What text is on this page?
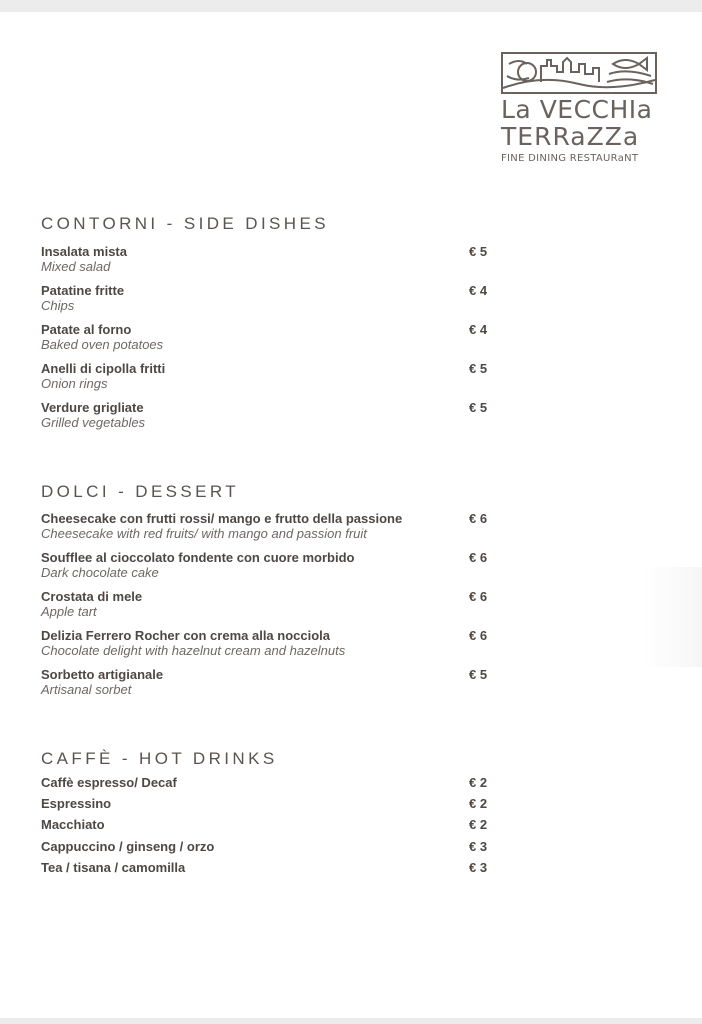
La VECCHIa
TERRaZZa
FINE DINING RESTAURaNT
CONTORNI - SIDE DISHES
Insalata mista
Mixed salad
€ 5
Patatine fritte
Chips
€ 4
Patate al forno
Baked oven potatoes
€ 4
Anelli di cipolla fritti
Onion rings
€ 5
Verdure grigliate
Grilled vegetables
€ 5
DOLCI - DESSERT
Cheesecake con frutti rossi/ mango e frutto della passione
Cheesecake with red fruits/ with mango and passion fruit
€ 6
Soufflee al cioccolato fondente con cuore morbido
Dark chocolate cake
€ 6
Crostata di mele
Apple tart
€ 6
Delizia Ferrero Rocher con crema alla nocciola
Chocolate delight with hazelnut cream and hazelnuts
€ 6
Sorbetto artigianale
Artisanal sorbet
€ 5
CAFFÈ - HOT DRINKS
Caffè espresso/ Decaf	€ 2
Espressino	€ 2
Macchiato	€ 2
Cappuccino / ginseng / orzo	€ 3
Tea / tisana / camomilla	€ 3
